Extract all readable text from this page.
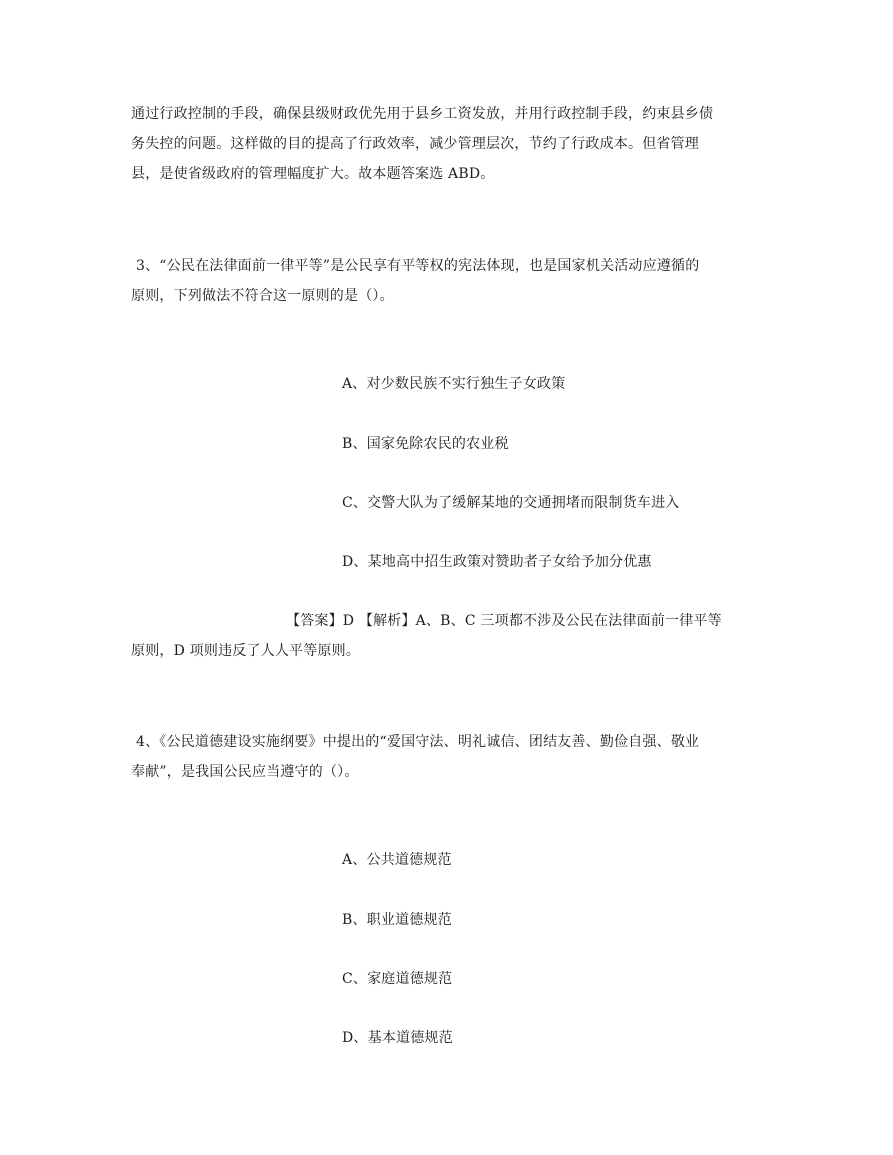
通过行政控制的手段，确保县级财政优先用于县乡工资发放，并用行政控制手段，约束县乡债
务失控的问题。这样做的目的提高了行政效率，减少管理层次，节约了行政成本。但省管理
县，是使省级政府的管理幅度扩大。故本题答案选 ABD。
3、“公民在法律面前一律平等”是公民享有平等权的宪法体现，也是国家机关活动应遵循的
原则，下列做法不符合这一原则的是（）。
A、对少数民族不实行独生子女政策
B、国家免除农民的农业税
C、交警大队为了缓解某地的交通拥堵而限制货车进入
D、某地高中招生政策对赞助者子女给予加分优惠
【答案】D 【解析】A、B、C 三项都不涉及公民在法律面前一律平等
原则，D 项则违反了人人平等原则。
4、《公民道德建设实施纲要》中提出的“爱国守法、明礼诚信、团结友善、勤俭自强、敬业
奉献”，是我国公民应当遵守的（）。
A、公共道德规范
B、职业道德规范
C、家庭道德规范
D、基本道德规范
